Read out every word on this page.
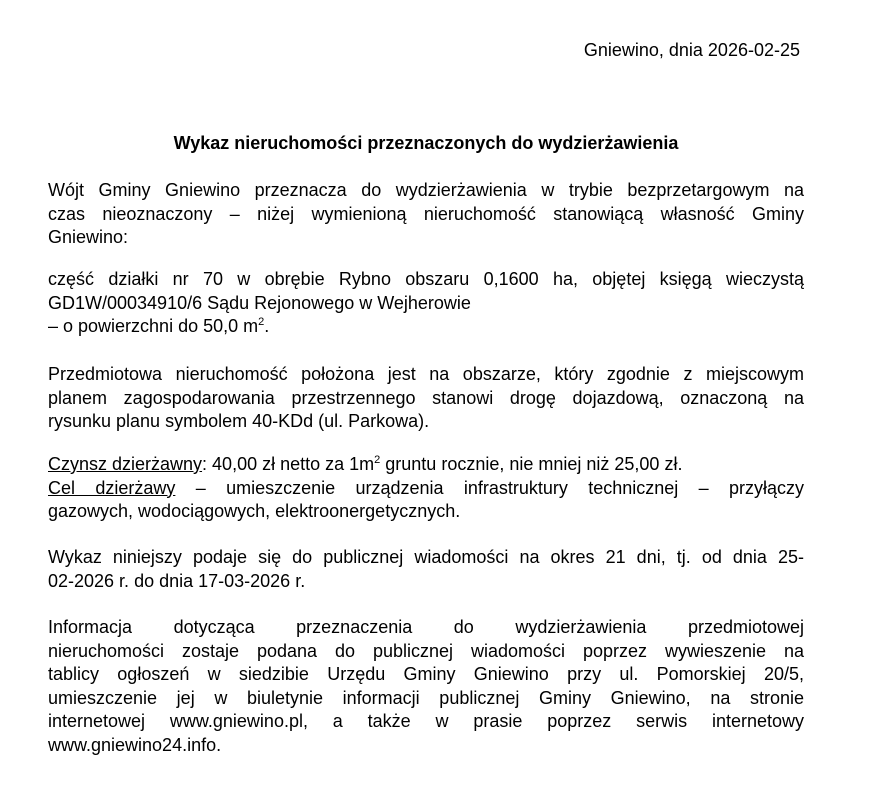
Gniewino, dnia 2026-02-25
Wykaz nieruchomości przeznaczonych do wydzierżawienia
Wójt Gminy Gniewino przeznacza do wydzierżawienia w trybie bezprzetargowym na
czas nieoznaczony – niżej wymienioną nieruchomość stanowiącą własność Gminy
Gniewino:
część działki nr 70 w obrębie Rybno obszaru 0,1600 ha, objętej księgą wieczystą
GD1W/00034910/6 Sądu Rejonowego w Wejherowie
– o powierzchni do 50,0 $m^2$.
Przedmiotowa nieruchomość położona jest na obszarze, który zgodnie z miejscowym
planem zagospodarowania przestrzennego stanowi drogę dojazdową, oznaczoną na
rysunku planu symbolem 40-KDd (ul. Parkowa).
Czynsz dzierżawny: 40,00 zł netto za $1m^2$ gruntu rocznie, nie mniej niż 25,00 zł.
Cel dzierżawy – umieszczenie urządzenia infrastruktury technicznej – przyłączy
gazowych, wodociągowych, elektroonergetycznych.
Wykaz niniejszy podaje się do publicznej wiadomości na okres 21 dni, tj. od dnia 25-
02-2026 r. do dnia 17-03-2026 r.
Informacja dotycząca przeznaczenia do wydzierżawienia przedmiotowej
nieruchomości zostaje podana do publicznej wiadomości poprzez wywieszenie na
tablicy ogłoszeń w siedzibie Urzędu Gminy Gniewino przy ul. Pomorskiej 20/5,
umieszczenie jej w biuletynie informacji publicznej Gminy Gniewino, na stronie
internetowej www.gniewino.pl, a także w prasie poprzez serwis internetowy
www.gniewino24.info.
